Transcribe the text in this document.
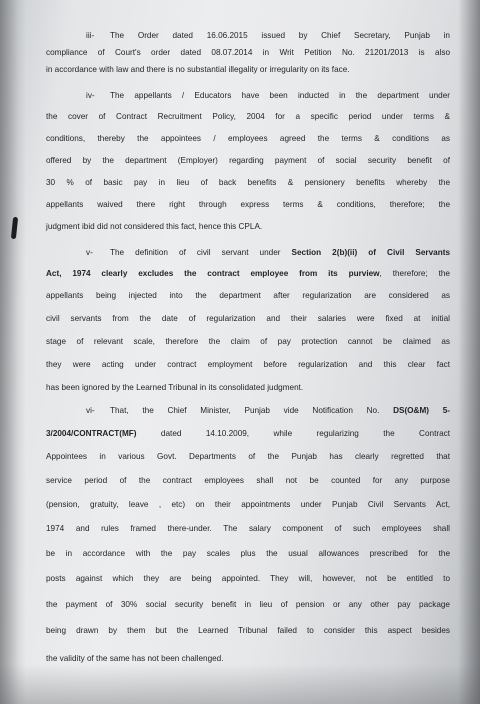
iii- The Order dated 16.06.2015 issued by Chief Secretary, Punjab in
compliance of Court's order dated 08.07.2014 in Writ Petition No. 21201/2013 is also
in accordance with law and there is no substantial illegality or irregularity on its face.
iv- The appellants / Educators have been inducted in the department under
the cover of Contract Recruitment Policy, 2004 for a specific period under terms &
conditions, thereby the appointees / employees agreed the terms & conditions as
offered by the department (Employer) regarding payment of social security benefit of
30 % of basic pay in lieu of back benefits & pensionery benefits whereby the
appellants waived there right through express terms & conditions, therefore; the
judgment ibid did not considered this fact, hence this CPLA.
v- The definition of civil servant under Section 2(b)(ii) of Civil Servants
Act, 1974 clearly excludes the contract employee from its purview, therefore; the
appellants being injected into the department after regularization are considered as
civil servants from the date of regularization and their salaries were fixed at initial
stage of relevant scale, therefore the claim of pay protection cannot be claimed as
they were acting under contract employment before regularization and this clear fact
has been ignored by the Learned Tribunal in its consolidated judgment.
vi- That, the Chief Minister, Punjab vide Notification No. DS(O&M) 5-
3/2004/CONTRACT(MF) dated 14.10.2009, while regularizing the Contract
Appointees in various Govt. Departments of the Punjab has clearly regretted that
service period of the contract employees shall not be counted for any purpose
(pension, gratuity, leave , etc) on their appointments under Punjab Civil Servants Act,
1974 and rules framed there-under. The salary component of such employees shall
be in accordance with the pay scales plus the usual allowances prescribed for the
posts against which they are being appointed. They will, however, not be entitled to
the payment of 30% social security benefit in lieu of pension or any other pay package
being drawn by them but the Learned Tribunal failed to consider this aspect besides
the validity of the same has not been challenged.
